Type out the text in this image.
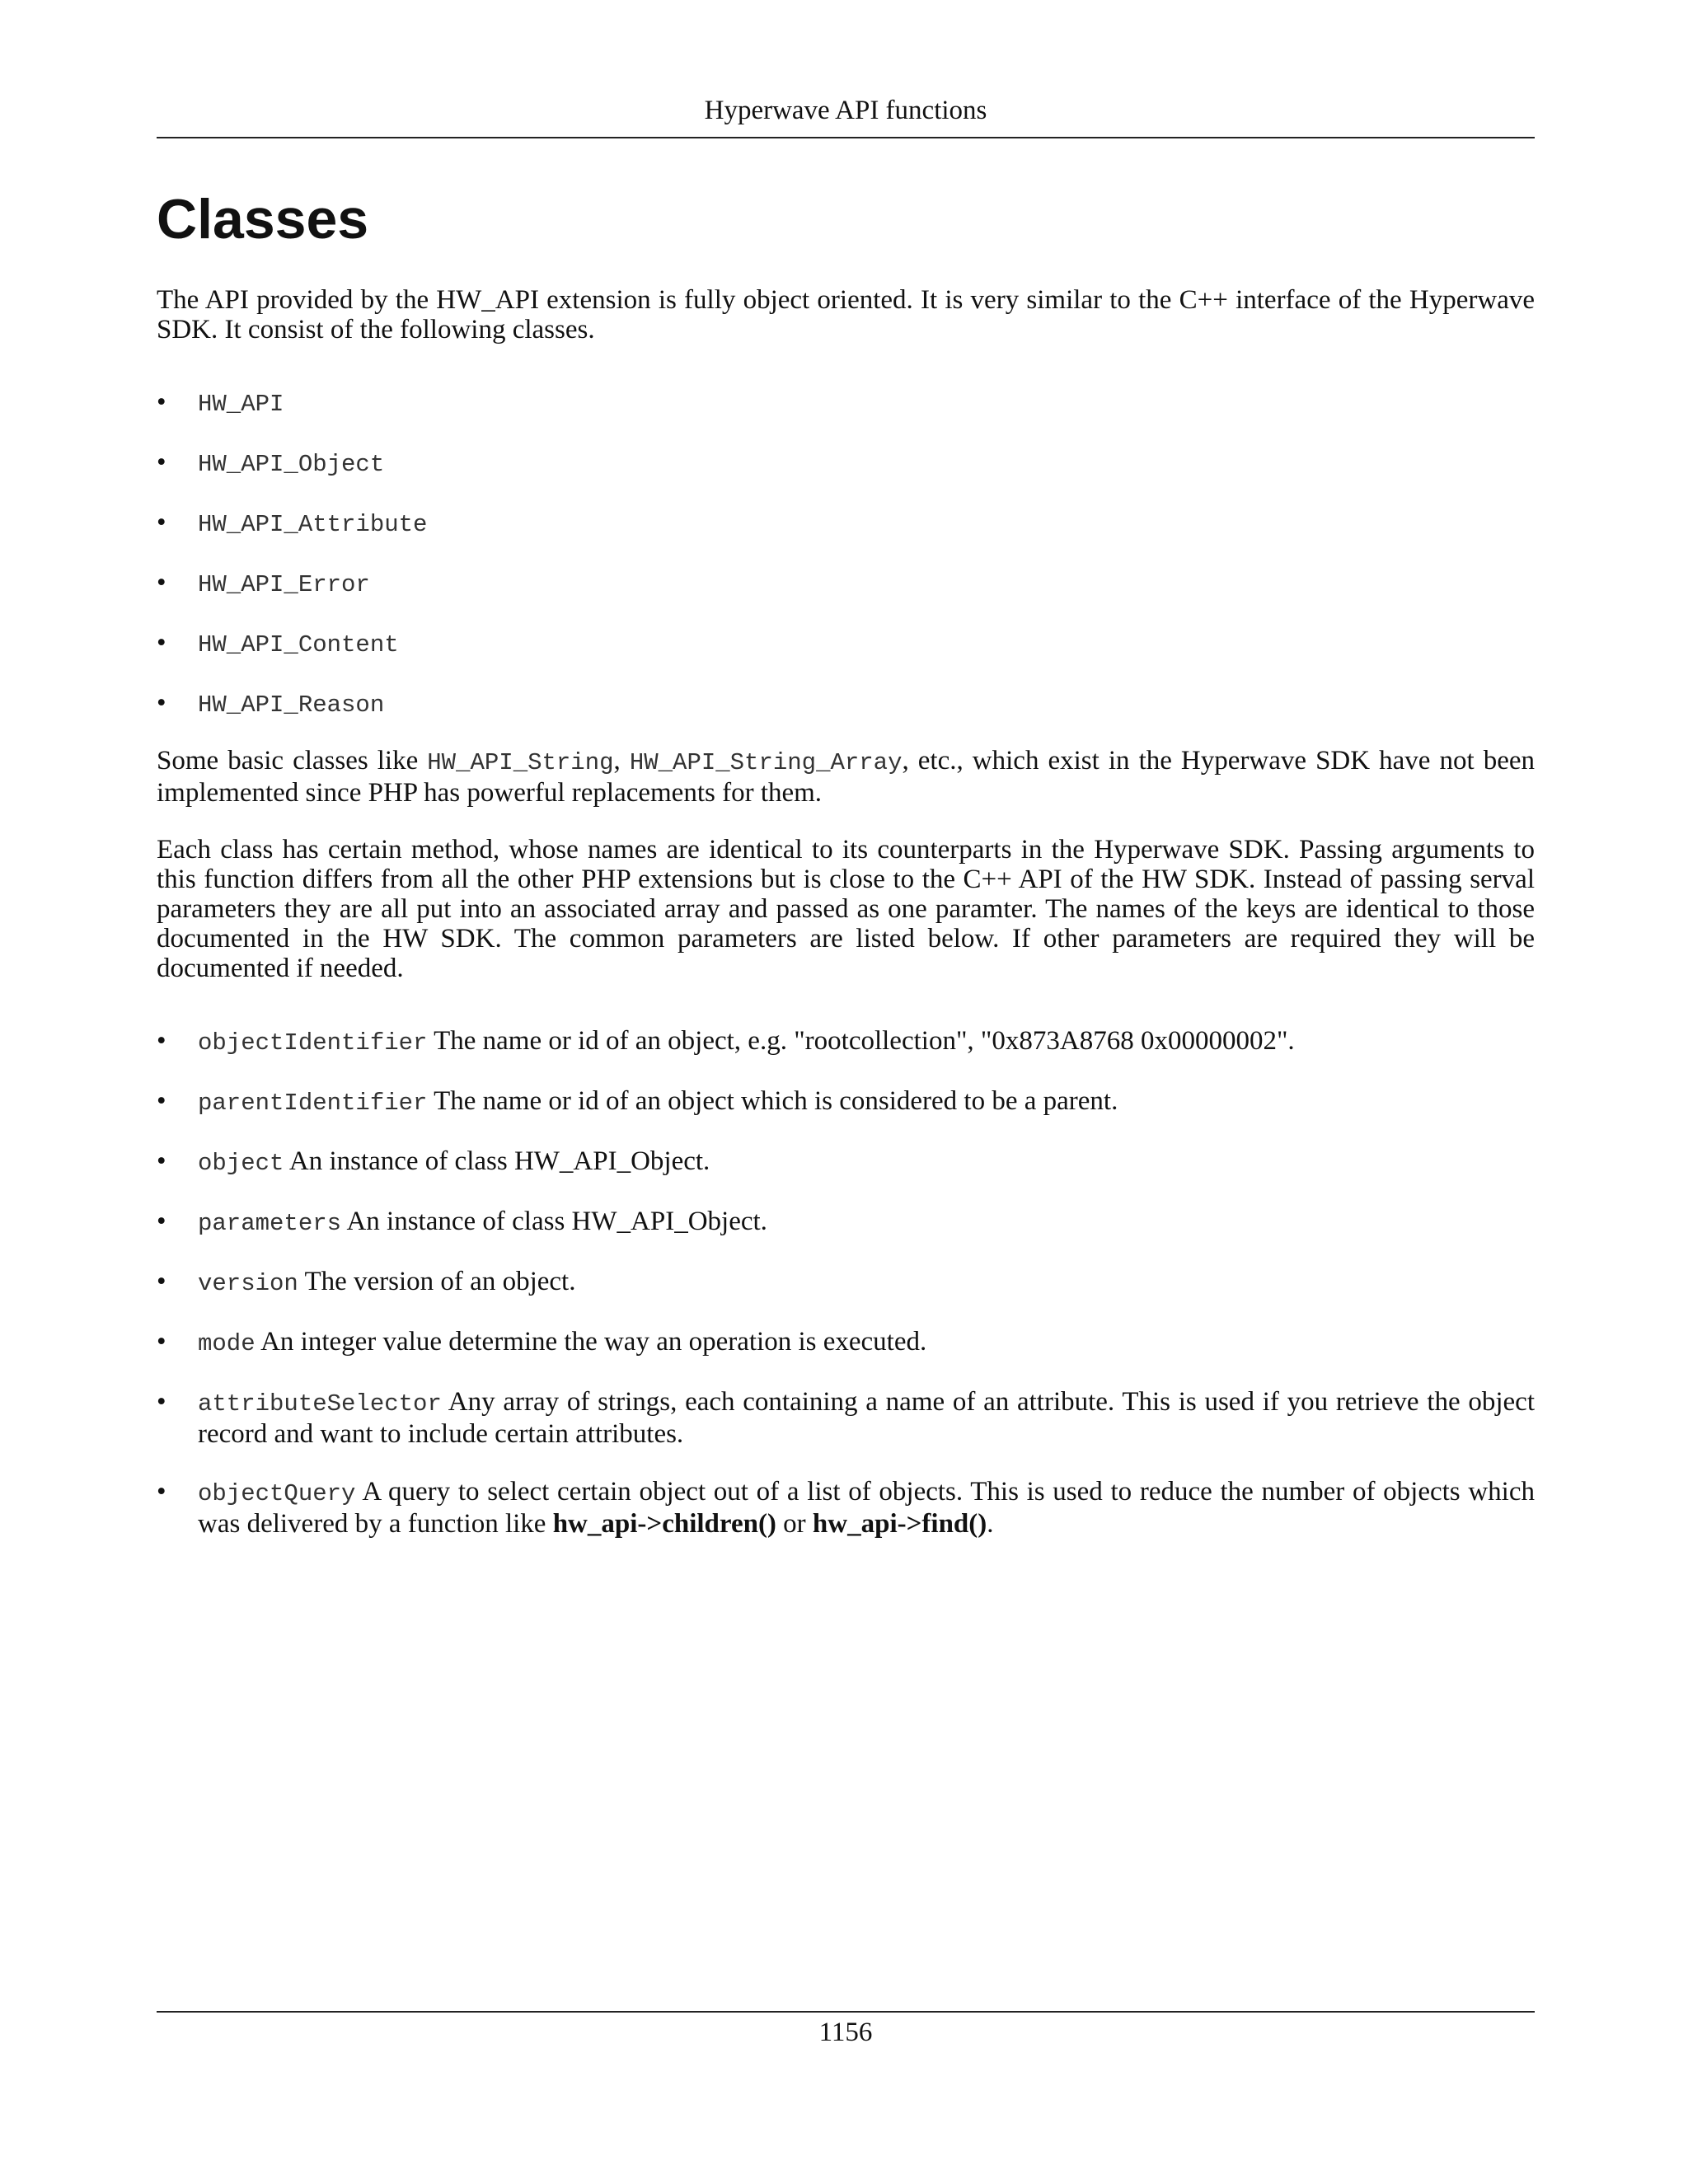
Hyperwave API functions
Classes

The API provided by the HW_API extension is fully object oriented. It is very similar to the C++ interface of the Hyperwave SDK. It consist of the following classes.

• HW_API
• HW_API_Object
• HW_API_Attribute
• HW_API_Error
• HW_API_Content
• HW_API_Reason

Some basic classes like HW_API_String, HW_API_String_Array, etc., which exist in the Hyperwave SDK have not been implemented since PHP has powerful replacements for them.

Each class has certain method, whose names are identical to its counterparts in the Hyperwave SDK. Passing arguments to this function differs from all the other PHP extensions but is close to the C++ API of the HW SDK. Instead of passing serval parameters they are all put into an associated array and passed as one paramter. The names of the keys are identical to those documented in the HW SDK. The common parameters are listed below. If other parameters are required they will be documented if needed.

• objectIdentifier The name or id of an object, e.g. "rootcollection", "0x873A8768 0x00000002".
• parentIdentifier The name or id of an object which is considered to be a parent.
• object An instance of class HW_API_Object.
• parameters An instance of class HW_API_Object.
• version The version of an object.
• mode An integer value determine the way an operation is executed.
• attributeSelector Any array of strings, each containing a name of an attribute. This is used if you retrieve the object record and want to include certain attributes.
• objectQuery A query to select certain object out of a list of objects. This is used to reduce the number of objects which was delivered by a function like hw_api->children() or hw_api->find().
1156
